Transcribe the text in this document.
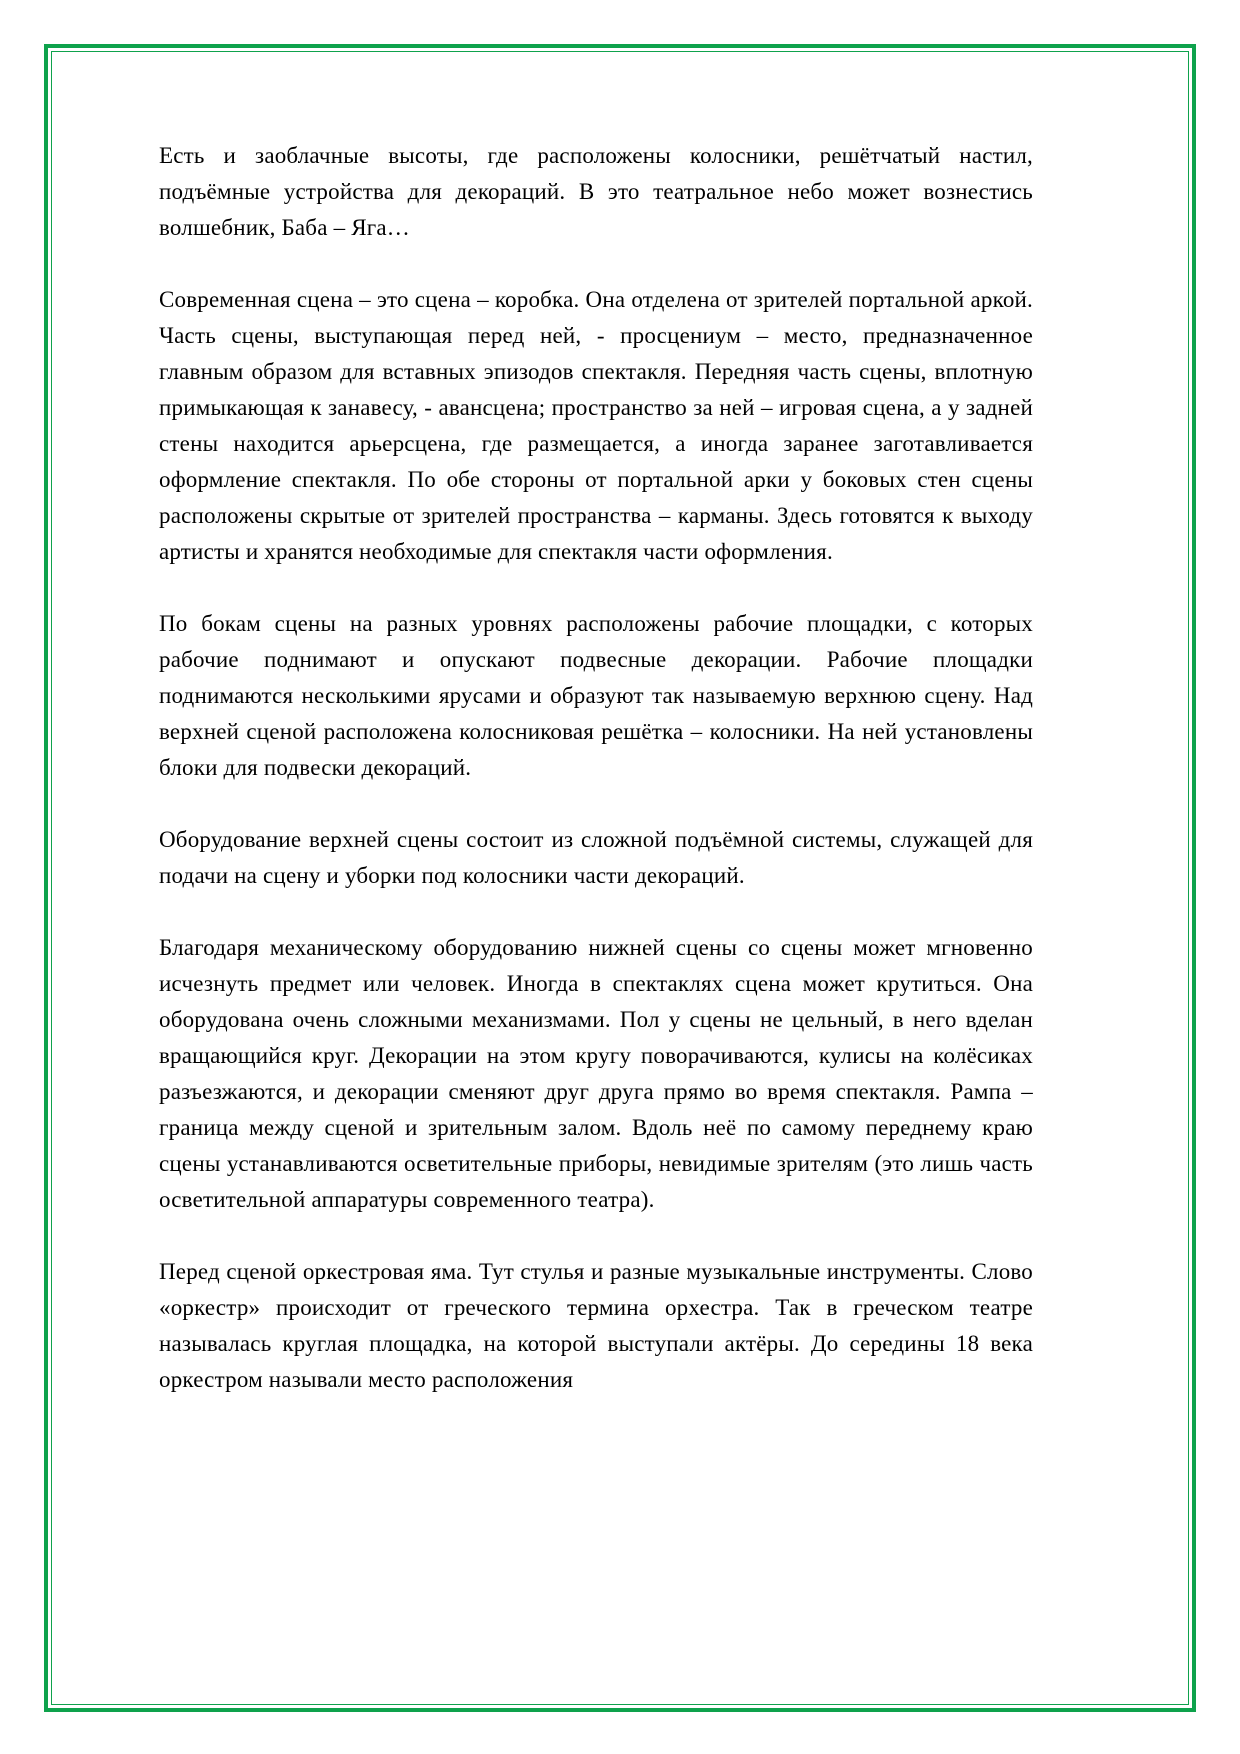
Есть и заоблачные высоты, где расположены колосники, решётчатый настил, подъёмные устройства для декораций. В это театральное небо может вознестись волшебник, Баба – Яга…

Современная сцена – это сцена – коробка. Она отделена от зрителей портальной аркой. Часть сцены, выступающая перед ней, - просцениум – место, предназначенное главным образом для вставных эпизодов спектакля. Передняя часть сцены, вплотную примыкающая к занавесу, - авансцена; пространство за ней – игровая сцена, а у задней стены находится арьерсцена, где размещается, а иногда заранее заготавливается оформление спектакля. По обе стороны от портальной арки у боковых стен сцены расположены скрытые от зрителей пространства – карманы. Здесь готовятся к выходу артисты и хранятся необходимые для спектакля части оформления.

По бокам сцены на разных уровнях расположены рабочие площадки, с которых рабочие поднимают и опускают подвесные декорации. Рабочие площадки поднимаются несколькими ярусами и образуют так называемую верхнюю сцену. Над верхней сценой расположена колосниковая решётка – колосники. На ней установлены блоки для подвески декораций.

Оборудование верхней сцены состоит из сложной подъёмной системы, служащей для подачи на сцену и уборки под колосники части декораций.

Благодаря механическому оборудованию нижней сцены со сцены может мгновенно исчезнуть предмет или человек. Иногда в спектаклях сцена может крутиться. Она оборудована очень сложными механизмами. Пол у сцены не цельный, в него вделан вращающийся круг. Декорации на этом кругу поворачиваются, кулисы на колёсиках разъезжаются, и декорации сменяют друг друга прямо во время спектакля. Рампа – граница между сценой и зрительным залом. Вдоль неё по самому переднему краю сцены устанавливаются осветительные приборы, невидимые зрителям (это лишь часть осветительной аппаратуры современного театра).

Перед сценой оркестровая яма. Тут стулья и разные музыкальные инструменты. Слово «оркестр» происходит от греческого термина орхестра. Так в греческом театре называлась круглая площадка, на которой выступали актёры. До середины 18 века оркестром называли место расположения
